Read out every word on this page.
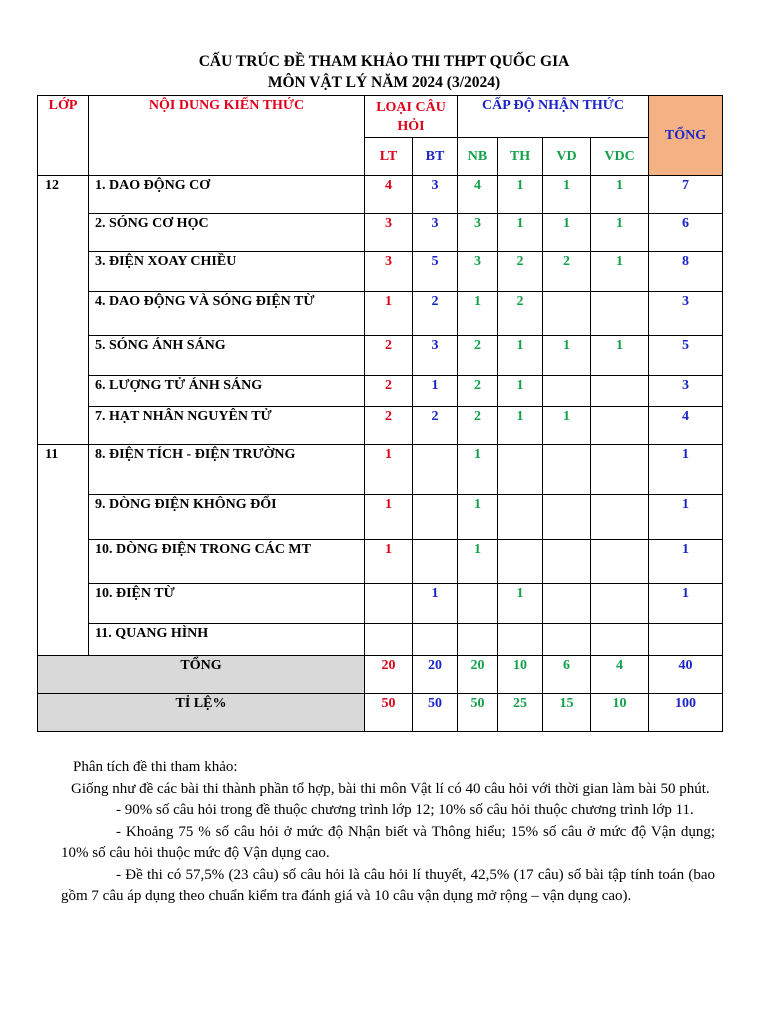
CẤU TRÚC ĐỀ THAM KHẢO THI THPT QUỐC GIA
MÔN VẬT LÝ NĂM 2024 (3/2024)
LỚP	NỘI DUNG KIẾN THỨC	LOẠI CÂU HỎI		CẤP ĐỘ NHẬN THỨC				TỔNG
		LT	BT	NB	TH	VD	VDC	
12	1. DAO ĐỘNG CƠ	4	3	4	1	1	1	7
	2. SÓNG CƠ HỌC	3	3	3	1	1	1	6
	3. ĐIỆN XOAY CHIỀU	3	5	3	2	2	1	8
	4. DAO ĐỘNG VÀ SÓNG ĐIỆN TỪ	1	2	1	2			3
	5. SÓNG ÁNH SÁNG	2	3	2	1	1	1	5
	6. LƯỢNG TỬ ÁNH SÁNG	2	1	2	1			3
	7. HẠT NHÂN NGUYÊN TỬ	2	2	2	1	1		4
11	8. ĐIỆN TÍCH - ĐIỆN TRƯỜNG	1		1				1
	9. DÒNG ĐIỆN KHÔNG ĐỔI	1		1				1
	10. DÒNG ĐIỆN TRONG CÁC MT	1		1				1
	10. ĐIỆN TỪ		1		1			1
	11. QUANG HÌNH							
TỔNG		20	20	20	10	6	4	40
TỈ LỆ%		50	50	50	25	15	10	100

Phân tích đề thi tham khảo:

Giống như đề các bài thi thành phần tổ hợp, bài thi môn Vật lí có 40 câu hỏi với thời gian làm bài 50 phút.

- 90% số câu hỏi trong đề thuộc chương trình lớp 12; 10% số câu hỏi thuộc chương trình lớp 11.

- Khoảng 75 % số câu hỏi ở mức độ Nhận biết và Thông hiểu; 15% số câu ở mức độ Vận dụng; 10% số câu hỏi thuộc mức độ Vận dụng cao.

- Đề thi có 57,5% (23 câu) số câu hỏi là câu hỏi lí thuyết, 42,5% (17 câu) số bài tập tính toán (bao gồm 7 câu áp dụng theo chuẩn kiểm tra đánh giá và 10 câu vận dụng mở rộng – vận dụng cao).
